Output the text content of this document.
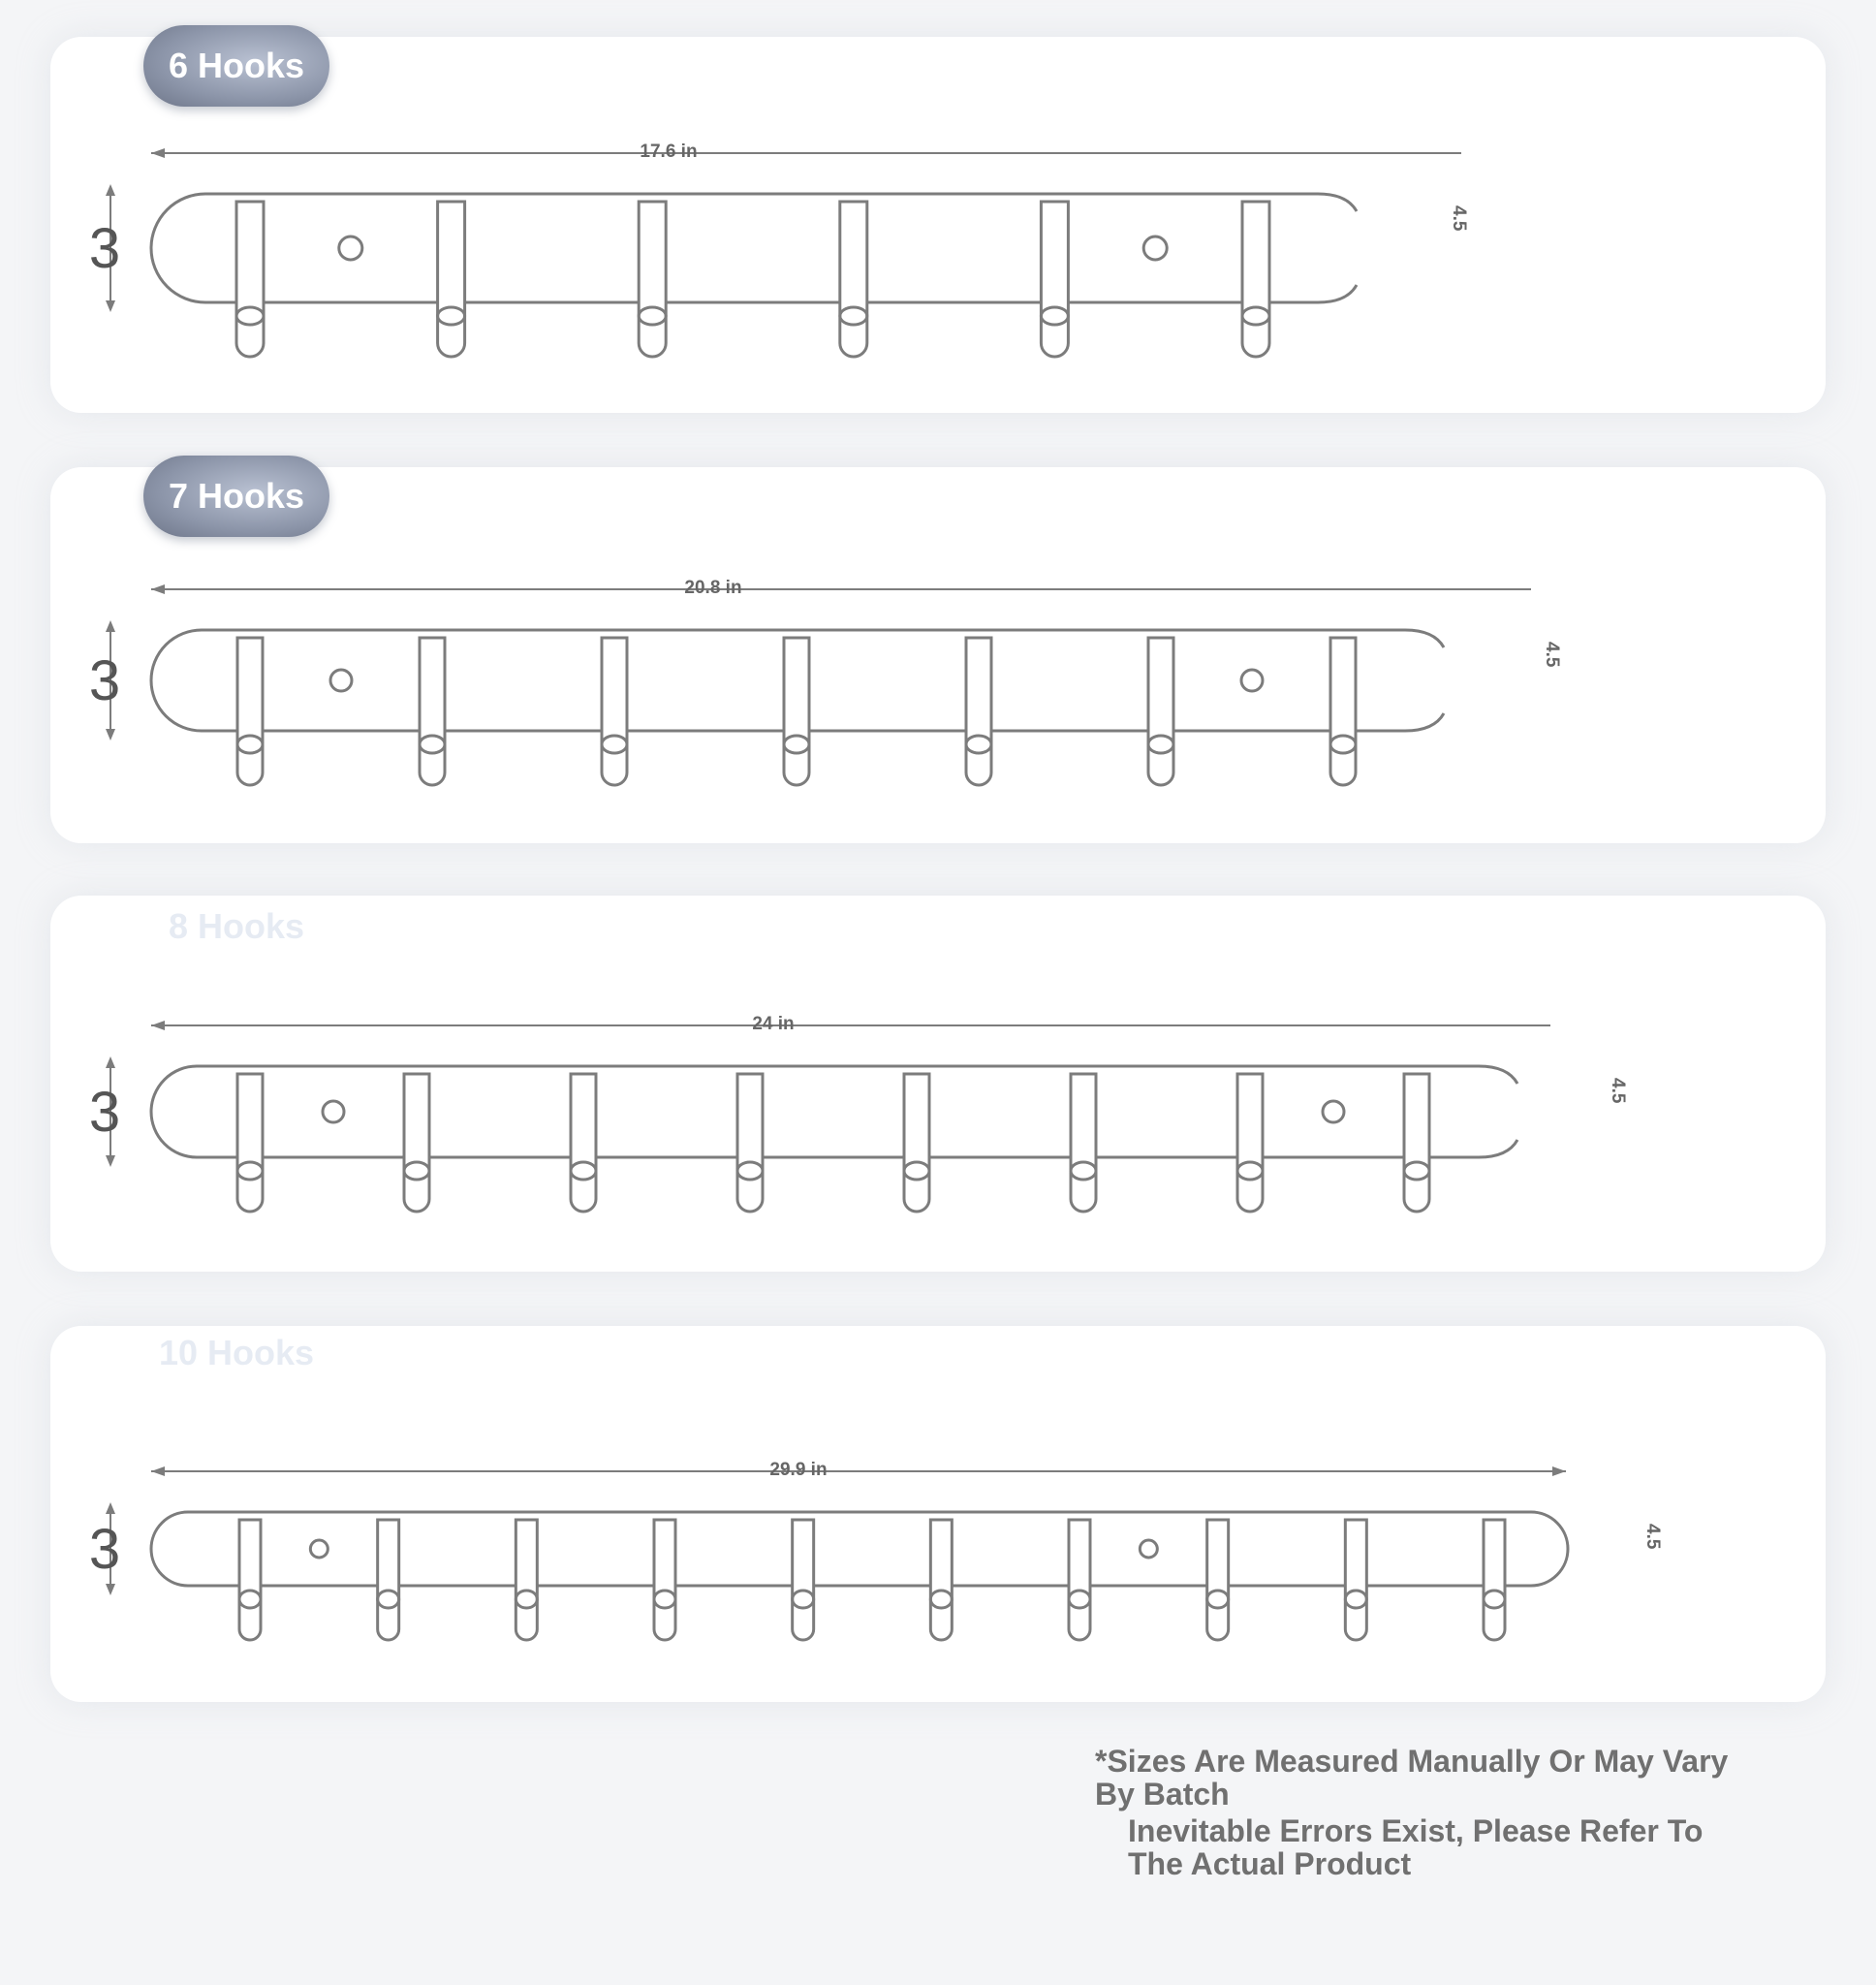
6 Hooks
17.6 in
4.5
3
7 Hooks
20.8 in
4.5
3
8 Hooks
24 in
4.5
3
10 Hooks
29.9 in
4.5
3
*Sizes Are Measured Manually Or May Vary By Batch
Inevitable Errors Exist, Please Refer To The Actual Product
